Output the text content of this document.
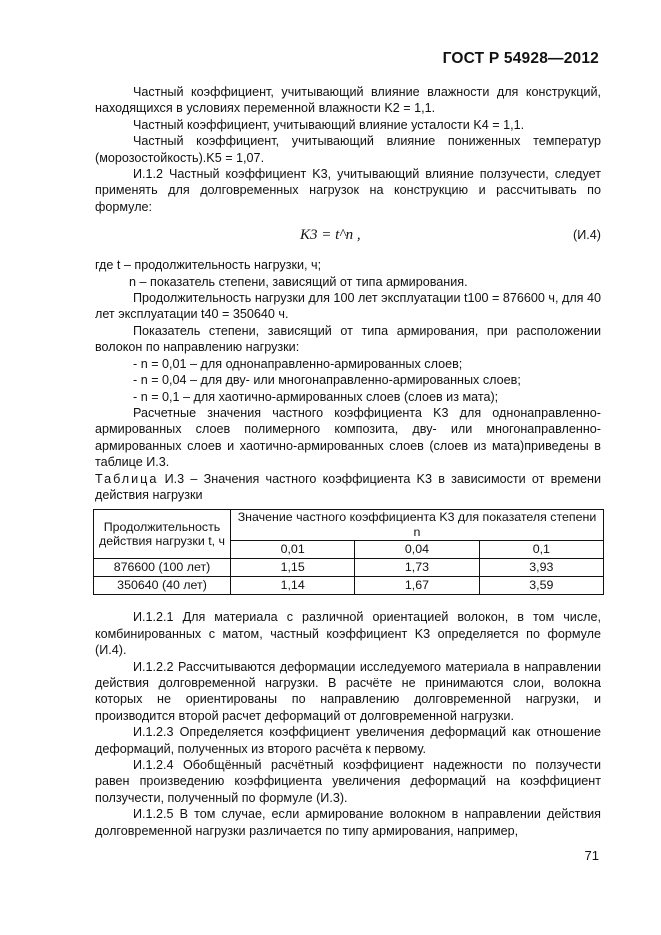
ГОСТ Р 54928—2012

Частный коэффициент, учитывающий влияние влажности для конструкций, находящихся в условиях переменной влажности K2 = 1,1.

Частный коэффициент, учитывающий влияние усталости K4 = 1,1.

Частный коэффициент, учитывающий влияние пониженных температур (морозостойкость).K5 = 1,07.

И.1.2 Частный коэффициент K3, учитывающий влияние ползучести, следует применять для долговременных нагрузок на конструкцию и рассчитывать по формуле:

K3 = t^n ,	(И.4)

где t – продолжительность нагрузки, ч;

n – показатель степени, зависящий от типа армирования.

Продолжительность нагрузки для 100 лет эксплуатации t100 = 876600 ч, для 40 лет эксплуатации t40 = 350640 ч.

Показатель степени, зависящий от типа армирования, при расположении волокон по направлению нагрузки:

- n = 0,01 – для однонаправленно-армированных слоев;

- n = 0,04 – для дву- или многонаправленно-армированных слоев;

- n = 0,1 – для хаотично-армированных слоев (слоев из мата);

Расчетные значения частного коэффициента K3 для однонаправленно-армированных слоев полимерного композита, дву- или многонаправленно-армированных слоев и хаотично-армированных слоев (слоев из мата)приведены в таблице И.3.

Таблица И.3 – Значения частного коэффициента K3 в зависимости от времени действия нагрузки

Продолжительность действия нагрузки t, ч	Значение частного коэффициента K3 для показателя степени n		
	0,01	0,04	0,1
876600 (100 лет)	1,15	1,73	3,93
350640 (40 лет)	1,14	1,67	3,59

И.1.2.1 Для материала с различной ориентацией волокон, в том числе, комбинированных с матом, частный коэффициент K3 определяется по формуле (И.4).

И.1.2.2 Рассчитываются деформации исследуемого материала в направлении действия долговременной нагрузки. В расчёте не принимаются слои, волокна которых не ориентированы по направлению долговременной нагрузки, и производится второй расчет деформаций от долговременной нагрузки.

И.1.2.3 Определяется коэффициент увеличения деформаций как отношение деформаций, полученных из второго расчёта к первому.

И.1.2.4 Обобщённый расчётный коэффициент надежности по ползучести равен произведению коэффициента увеличения деформаций на коэффициент ползучести, полученный по формуле (И.3).

И.1.2.5 В том случае, если армирование волокном в направлении действия долговременной нагрузки различается по типу армирования, например,

71
